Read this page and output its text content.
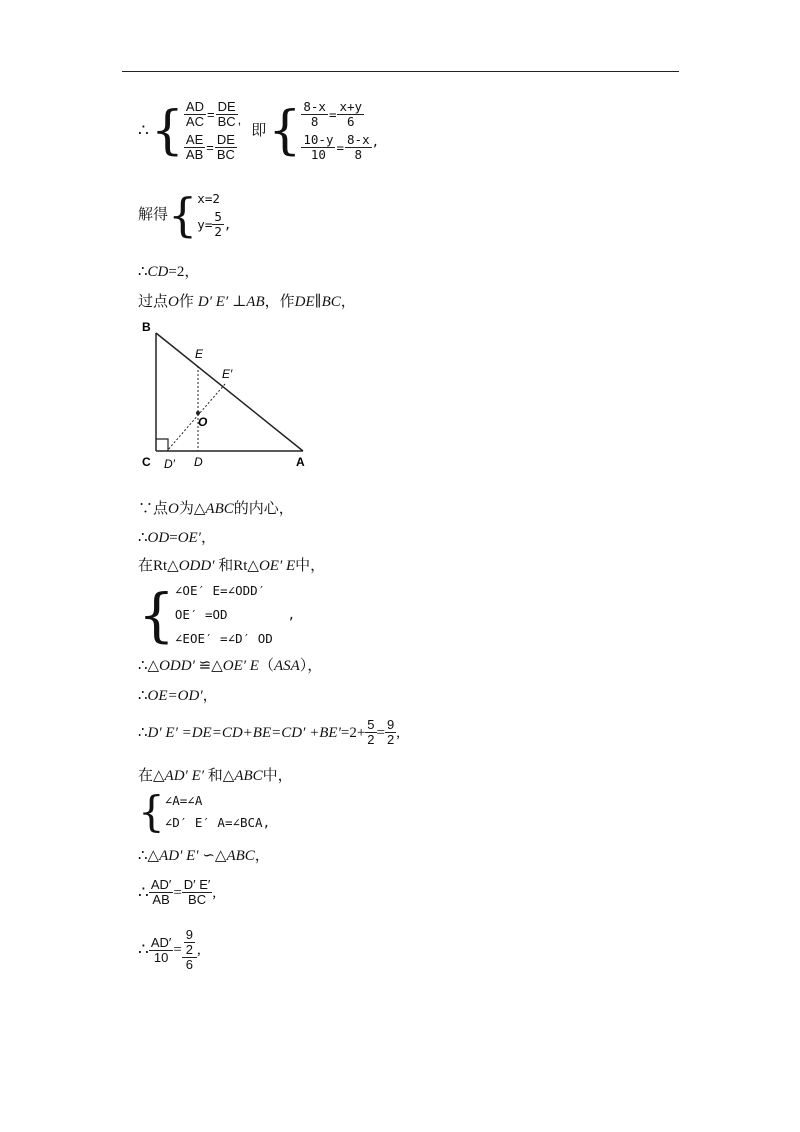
∴ { $\frac{AD}{AC} = \frac{DE}{BC}$ ,
$\frac{AE}{AB} = \frac{DE}{BC}$
即 { $\frac{8-x}{8} = \frac{x+y}{6}$
$\frac{10-y}{10} = \frac{8-x}{8}$ ,
解得 { x=2
$y= \frac{5}{2}$ ,
∴CD=2，
过点O作 D′ E′ ⊥AB，作DE∥BC，
B
C	A
E
E′
O
D
D′
∵点O为△ABC的内心，
∴OD=OE′，
在Rt△ODD′ 和Rt△OE′ E中，
{ ∠OE′ E=∠ODD′
OE′ =OD	,
∠EOE′ =∠D′ OD
∴△ODD′ ≌△OE′ E（ASA），
∴OE=OD′，
∴ D′ $E' =DE=CD+BE=CD' +BE' =2+ \frac{5}{2} = \frac{9}{2}$ ,
在△AD′ E′ 和△ABC中，
{ ∠A=∠A
∠D′ E′ A=∠BCA ,
∴△AD′ E′ ∽△ABC，
∴ $\frac{AD'}{AB} = \frac{D' E'}{BC}$ ,
∴ $\frac{AD'}{10} = \frac{\frac{9}{2}}{6}$ ,
